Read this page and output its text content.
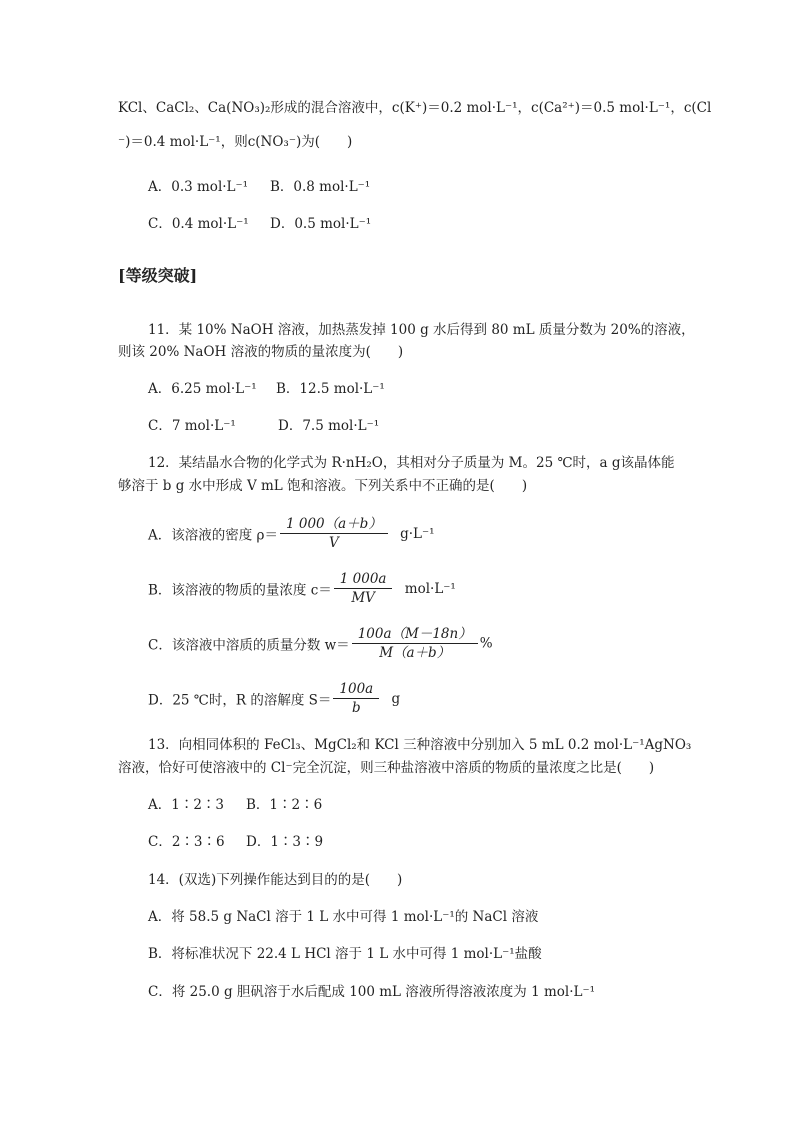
KCl、CaCl₂、Ca(NO₃)₂形成的混合溶液中，c(K⁺)＝0.2 mol·L⁻¹，c(Ca²⁺)＝0.5 mol·L⁻¹，c(Cl
⁻)＝0.4 mol·L⁻¹，则c(NO₃⁻)为(　　)
A．0.3 mol·L⁻¹ B．0.8 mol·L⁻¹
C．0.4 mol·L⁻¹ D．0.5 mol·L⁻¹
[等级突破]
11．某 10% NaOH 溶液，加热蒸发掉 100 g 水后得到 80 mL 质量分数为 20%的溶液，
则该 20% NaOH 溶液的物质的量浓度为(　　)
A．6.25 mol·L⁻¹ B．12.5 mol·L⁻¹
C．7 mol·L⁻¹	D．7.5 mol·L⁻¹
12．某结晶水合物的化学式为 R·nH₂O，其相对分子质量为 M。25 ℃时，a g该晶体能
够溶于 b g 水中形成 V mL 饱和溶液。下列关系中不正确的是(　　)
A．该溶液的密度 $\rho= \frac{1 000(a+b)}{V} g\cdot L^{-1}$
B．该溶液的物质的量浓度 $c= \frac{1 000a}{MV} mol\cdot L^{-1}$
C．该溶液中溶质的质量分数 $w= \frac{100a(M-18n)}{M(a+b)}$ %
D．25 ℃时，R 的溶解度 $S= \frac{100a}{b}$ g
13．向相同体积的 FeCl₃、MgCl₂和 KCl 三种溶液中分别加入 5 mL 0.2 mol·L⁻¹AgNO₃
溶液，恰好可使溶液中的 Cl⁻完全沉淀，则三种盐溶液中溶质的物质的量浓度之比是(　　)
A．1∶2∶3 B．1∶2∶6
C．2∶3∶6 D．1∶3∶9
14．(双选)下列操作能达到目的的是(　　)
A．将 58.5 g NaCl 溶于 1 L 水中可得 1 mol·L⁻¹的 NaCl 溶液
B．将标准状况下 22.4 L HCl 溶于 1 L 水中可得 1 mol·L⁻¹盐酸
C．将 25.0 g 胆矾溶于水后配成 100 mL 溶液所得溶液浓度为 1 mol·L⁻¹
